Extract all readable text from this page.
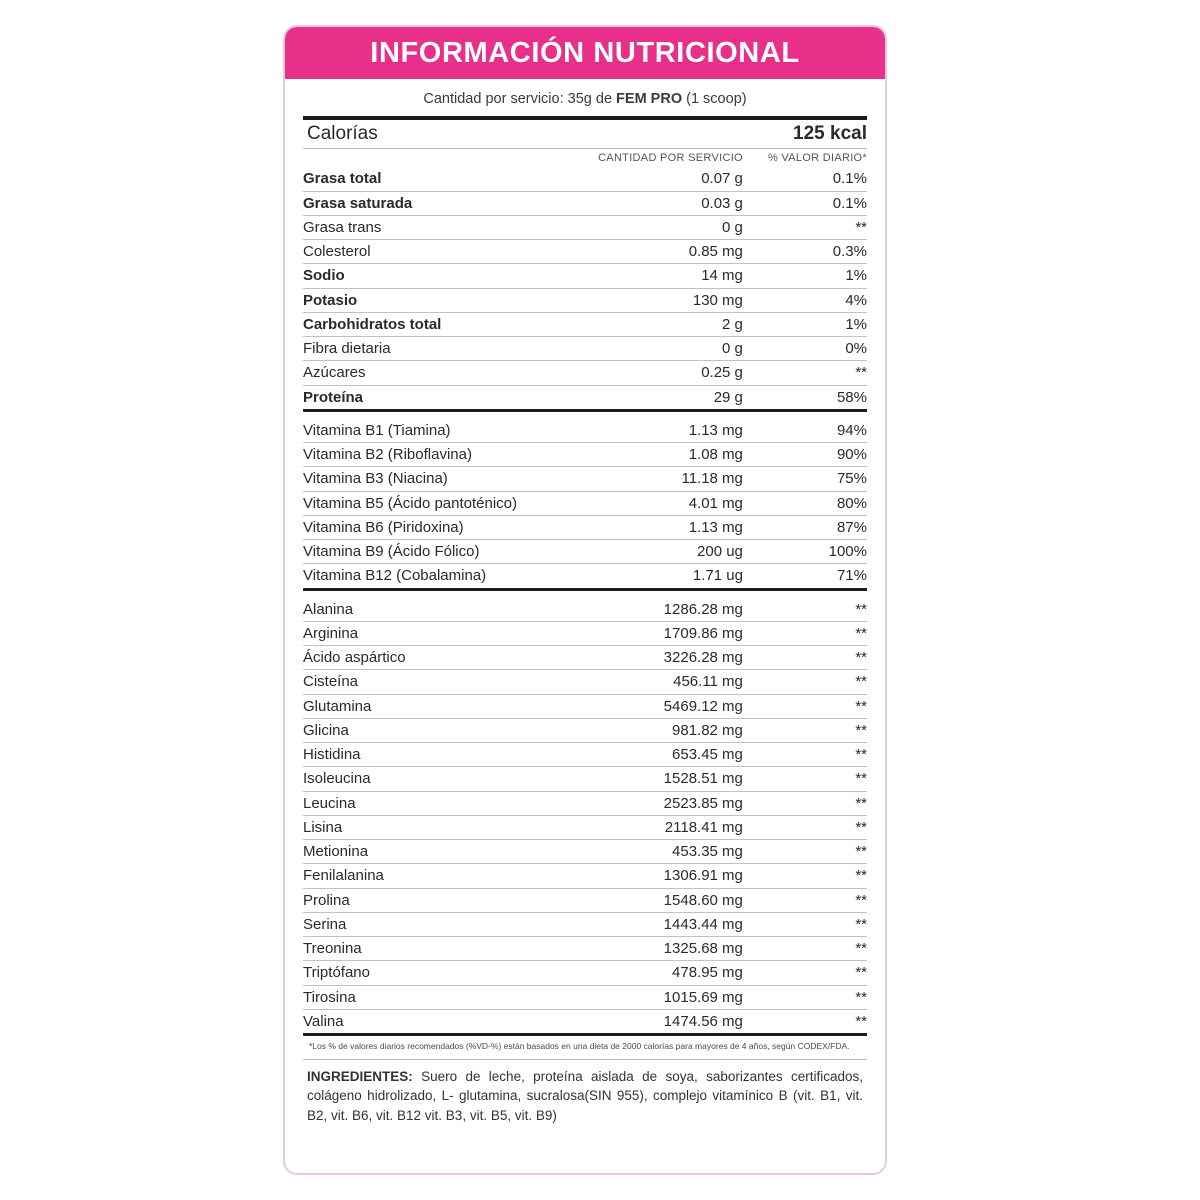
INFORMACIÓN NUTRICIONAL
Cantidad por servicio: 35g de FEM PRO (1 scoop)
Calorías	125 kcal
	CANTIDAD POR SERVICIO	% VALOR DIARIO*
Grasa total	0.07 g	0.1%
Grasa saturada	0.03 g	0.1%
Grasa trans	0 g	**
Colesterol	0.85 mg	0.3%
Sodio	14 mg	1%
Potasio	130 mg	4%
Carbohidratos total	2 g	1%
Fibra dietaria	0 g	0%
Azúcares	0.25 g	**
Proteína	29 g	58%
Vitamina B1 (Tiamina)	1.13 mg	94%
Vitamina B2 (Riboflavina)	1.08 mg	90%
Vitamina B3 (Niacina)	11.18 mg	75%
Vitamina B5 (Ácido pantoténico)	4.01 mg	80%
Vitamina B6 (Piridoxina)	1.13 mg	87%
Vitamina B9 (Ácido Fólico)	200 ug	100%
Vitamina B12 (Cobalamina)	1.71 ug	71%
Alanina	1286.28 mg	**
Arginina	1709.86 mg	**
Ácido aspártico	3226.28 mg	**
Cisteína	456.11 mg	**
Glutamina	5469.12 mg	**
Glicina	981.82 mg	**
Histidina	653.45 mg	**
Isoleucina	1528.51 mg	**
Leucina	2523.85 mg	**
Lisina	2118.41 mg	**
Metionina	453.35 mg	**
Fenilalanina	1306.91 mg	**
Prolina	1548.60 mg	**
Serina	1443.44 mg	**
Treonina	1325.68 mg	**
Triptófano	478.95 mg	**
Tirosina	1015.69 mg	**
Valina	1474.56 mg	**
*Los % de valores diarios recomendados (%VD-%) están basados en una dieta de 2000 calorías para mayores de 4 años, según CODEX/FDA.
INGREDIENTES: Suero de leche, proteína aislada de soya, saborizantes certificados, colágeno hidrolizado, L- glutamina, sucralosa(SIN 955), complejo vitamínico B (vit. B1, vit. B2, vit. B6, vit. B12 vit. B3, vit. B5, vit. B9)
